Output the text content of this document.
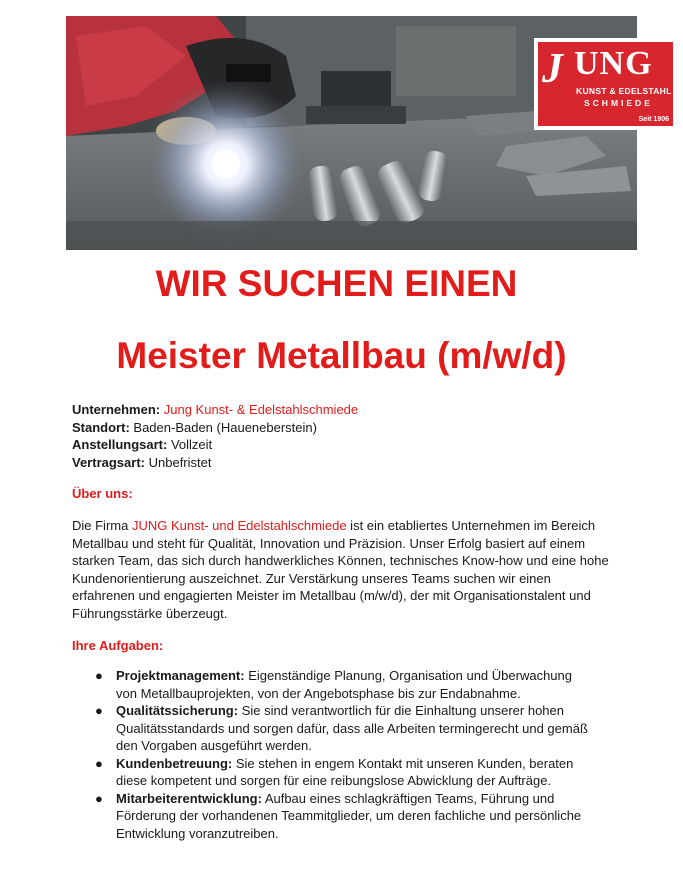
J UNG
KUNST & EDELSTAHL
SCHMIEDE
Seit 1906
WIR SUCHEN EINEN
Meister Metallbau (m/w/d)
Unternehmen: Jung Kunst- & Edelstahlschmiede
Standort: Baden-Baden (Haueneberstein)
Anstellungsart: Vollzeit
Vertragsart: Unbefristet
Über uns:
Die Firma JUNG Kunst- und Edelstahlschmiede ist ein etabliertes Unternehmen im Bereich Metallbau und steht für Qualität, Innovation und Präzision. Unser Erfolg basiert auf einem starken Team, das sich durch handwerkliches Können, technisches Know-how und eine hohe Kundenorientierung auszeichnet. Zur Verstärkung unseres Teams suchen wir einen erfahrenen und engagierten Meister im Metallbau (m/w/d), der mit Organisationstalent und Führungsstärke überzeugt.
Ihre Aufgaben:
● Projektmanagement: Eigenständige Planung, Organisation und Überwachung von Metallbauprojekten, von der Angebotsphase bis zur Endabnahme.
● Qualitätssicherung: Sie sind verantwortlich für die Einhaltung unserer hohen Qualitätsstandards und sorgen dafür, dass alle Arbeiten termingerecht und gemäß den Vorgaben ausgeführt werden.
● Kundenbetreuung: Sie stehen in engem Kontakt mit unseren Kunden, beraten diese kompetent und sorgen für eine reibungslose Abwicklung der Aufträge.
● Mitarbeiterentwicklung: Aufbau eines schlagkräftigen Teams, Führung und Förderung der vorhandenen Teammitglieder, um deren fachliche und persönliche Entwicklung voranzutreiben.
